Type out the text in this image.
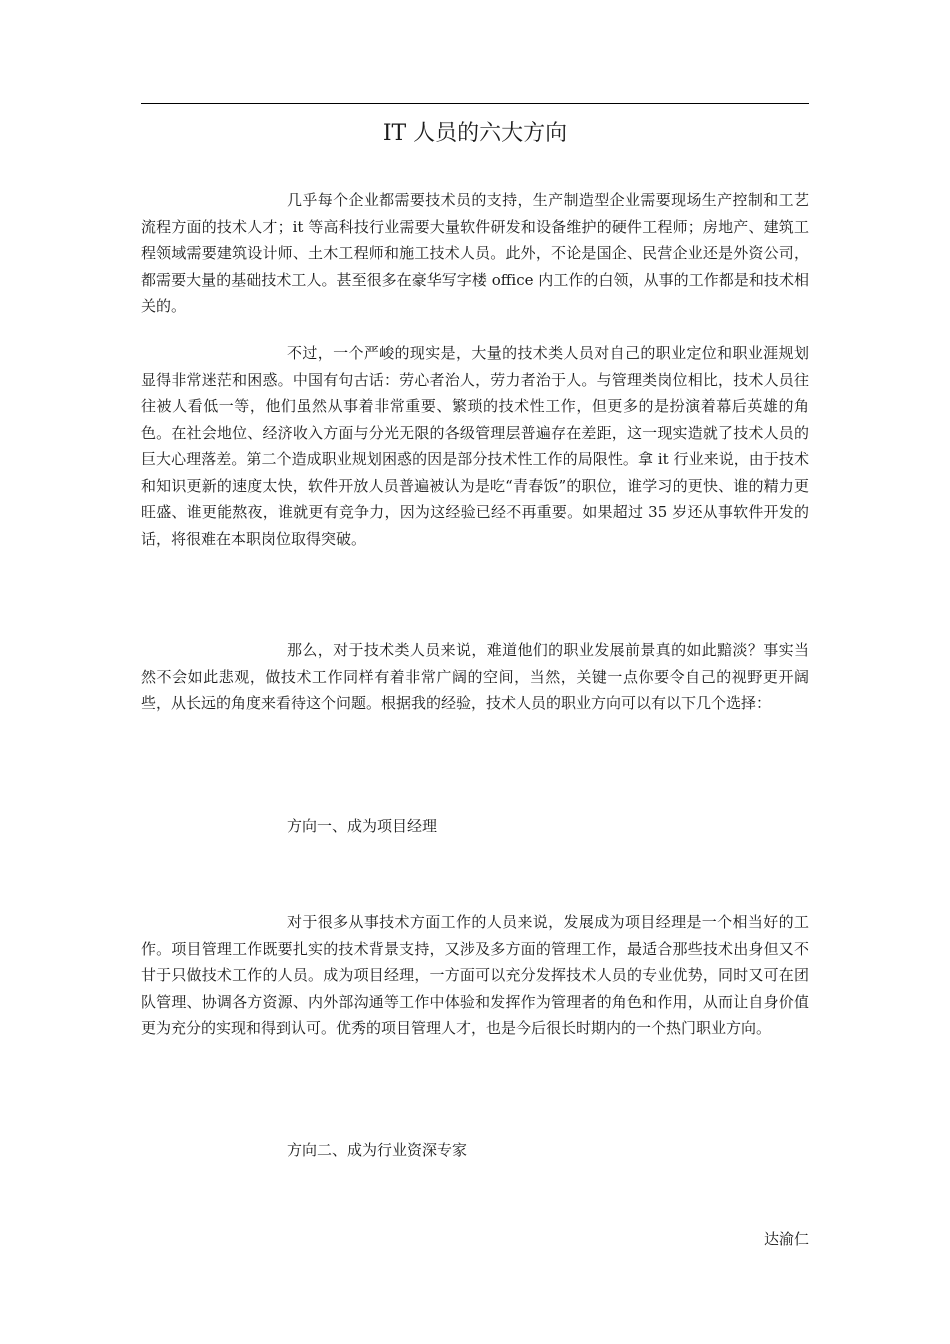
IT 人员的六大方向

几乎每个企业都需要技术员的支持，生产制造型企业需要现场生产控制和工艺流程方面的技术人才；it 等高科技行业需要大量软件研发和设备维护的硬件工程师；房地产、建筑工程领域需要建筑设计师、土木工程师和施工技术人员。此外，不论是国企、民营企业还是外资公司，都需要大量的基础技术工人。甚至很多在豪华写字楼 office 内工作的白领，从事的工作都是和技术相关的。

不过，一个严峻的现实是，大量的技术类人员对自己的职业定位和职业涯规划显得非常迷茫和困惑。中国有句古话：劳心者治人，劳力者治于人。与管理类岗位相比，技术人员往往被人看低一等，他们虽然从事着非常重要、繁琐的技术性工作，但更多的是扮演着幕后英雄的角色。在社会地位、经济收入方面与分光无限的各级管理层普遍存在差距，这一现实造就了技术人员的巨大心理落差。第二个造成职业规划困惑的因是部分技术性工作的局限性。拿 it 行业来说，由于技术和知识更新的速度太快，软件开放人员普遍被认为是吃“青春饭”的职位，谁学习的更快、谁的精力更旺盛、谁更能熬夜，谁就更有竞争力，因为这经验已经不再重要。如果超过 35 岁还从事软件开发的话，将很难在本职岗位取得突破。

那么，对于技术类人员来说，难道他们的职业发展前景真的如此黯淡？事实当然不会如此悲观，做技术工作同样有着非常广阔的空间，当然，关键一点你要令自己的视野更开阔些，从长远的角度来看待这个问题。根据我的经验，技术人员的职业方向可以有以下几个选择：

方向一、成为项目经理

对于很多从事技术方面工作的人员来说，发展成为项目经理是一个相当好的工作。项目管理工作既要扎实的技术背景支持，又涉及多方面的管理工作，最适合那些技术出身但又不甘于只做技术工作的人员。成为项目经理，一方面可以充分发挥技术人员的专业优势，同时又可在团队管理、协调各方资源、内外部沟通等工作中体验和发挥作为管理者的角色和作用，从而让自身价值更为充分的实现和得到认可。优秀的项目管理人才，也是今后很长时期内的一个热门职业方向。

方向二、成为行业资深专家

达渝仁
